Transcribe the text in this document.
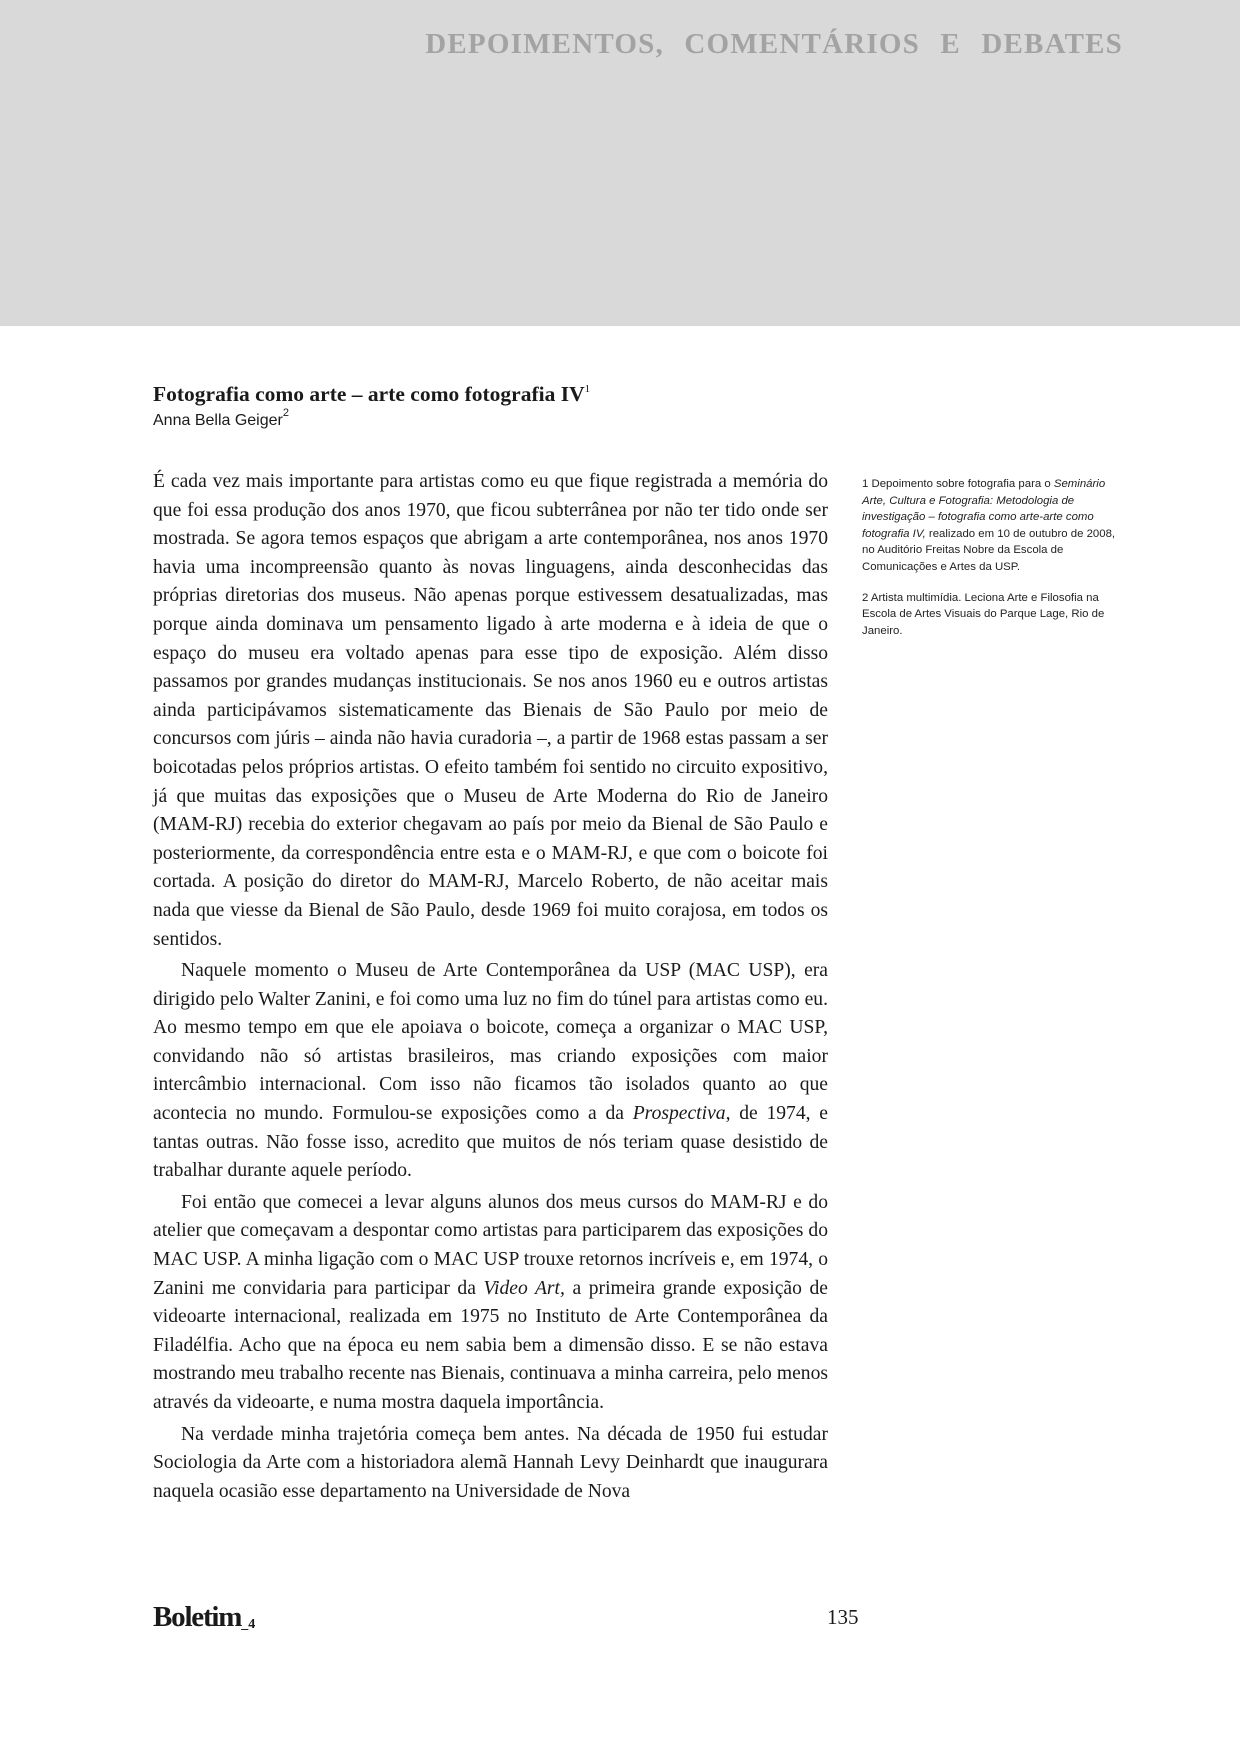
DEPOIMENTOS, COMENTÁRIOS E DEBATES
Fotografia como arte – arte como fotografia $IV^1$

Anna Bella Geiger$^2$

É cada vez mais importante para artistas como eu que fique registrada a memória do que foi essa produção dos anos 1970, que ficou subterrânea por não ter tido onde ser mostrada. Se agora temos espaços que abrigam a arte contemporânea, nos anos 1970 havia uma incompreensão quanto às novas linguagens, ainda desconhecidas das próprias diretorias dos museus. Não apenas porque estivessem desatualizadas, mas porque ainda dominava um pensamento ligado à arte moderna e à ideia de que o espaço do museu era voltado apenas para esse tipo de exposição. Além disso passamos por grandes mudanças institucionais. Se nos anos 1960 eu e outros artistas ainda participávamos sistematicamente das Bienais de São Paulo por meio de concursos com júris – ainda não havia curadoria –, a partir de 1968 estas passam a ser boicotadas pelos próprios artistas. O efeito também foi sentido no circuito expositivo, já que muitas das exposições que o Museu de Arte Moderna do Rio de Janeiro (MAM-RJ) recebia do exterior chegavam ao país por meio da Bienal de São Paulo e posteriormente, da correspondência entre esta e o MAM-RJ, e que com o boicote foi cortada. A posição do diretor do MAM-RJ, Marcelo Roberto, de não aceitar mais nada que viesse da Bienal de São Paulo, desde 1969 foi muito corajosa, em todos os sentidos.

Naquele momento o Museu de Arte Contemporânea da USP (MAC USP), era dirigido pelo Walter Zanini, e foi como uma luz no fim do túnel para artistas como eu. Ao mesmo tempo em que ele apoiava o boicote, começa a organizar o MAC USP, convidando não só artistas brasileiros, mas criando exposições com maior intercâmbio internacional. Com isso não ficamos tão isolados quanto ao que acontecia no mundo. Formulou-se exposições como a da Prospectiva, de 1974, e tantas outras. Não fosse isso, acredito que muitos de nós teriam quase desistido de trabalhar durante aquele período.

Foi então que comecei a levar alguns alunos dos meus cursos do MAM-RJ e do atelier que começavam a despontar como artistas para participarem das exposições do MAC USP. A minha ligação com o MAC USP trouxe retornos incríveis e, em 1974, o Zanini me convidaria para participar da Video Art, a primeira grande exposição de videoarte internacional, realizada em 1975 no Instituto de Arte Contemporânea da Filadélfia. Acho que na época eu nem sabia bem a dimensão disso. E se não estava mostrando meu trabalho recente nas Bienais, continuava a minha carreira, pelo menos através da videoarte, e numa mostra daquela importância.

Na verdade minha trajetória começa bem antes. Na década de 1950 fui estudar Sociologia da Arte com a historiadora alemã Hannah Levy Deinhardt que inaugurara naquela ocasião esse departamento na Universidade de Nova

1 Depoimento sobre fotografia para o Seminário Arte, Cultura e Fotografia: Metodologia de investigação – fotografia como arte-arte como fotografia IV, realizado em 10 de outubro de 2008, no Auditório Freitas Nobre da Escola de Comunicações e Artes da USP.

2 Artista multimídia. Leciona Arte e Filosofia na Escola de Artes Visuais do Parque Lage, Rio de Janeiro.

Boletim_4	135
